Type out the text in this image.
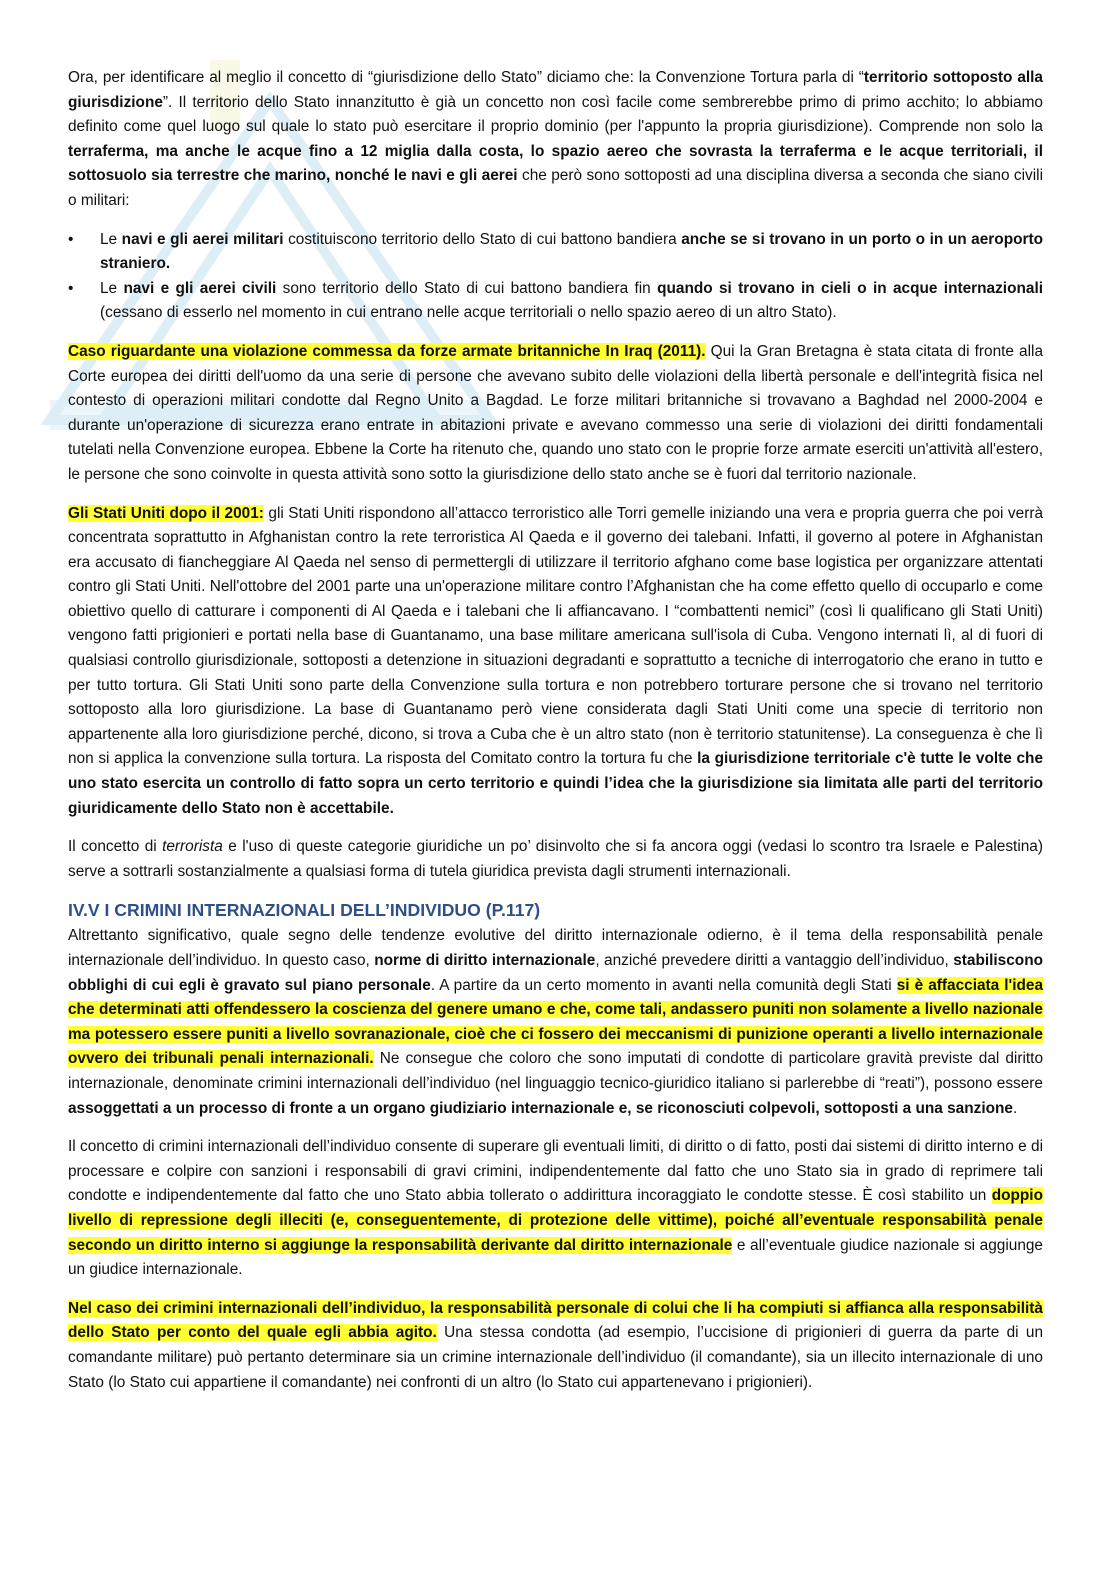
Ora, per identificare al meglio il concetto di “giurisdizione dello Stato” diciamo che: la Convenzione Tortura parla di “territorio sottoposto alla giurisdizione”. Il territorio dello Stato innanzitutto è già un concetto non così facile come sembrerebbe primo di primo acchito; lo abbiamo definito come quel luogo sul quale lo stato può esercitare il proprio dominio (per l'appunto la propria giurisdizione). Comprende non solo la terraferma, ma anche le acque fino a 12 miglia dalla costa, lo spazio aereo che sovrasta la terraferma e le acque territoriali, il sottosuolo sia terrestre che marino, nonché le navi e gli aerei che però sono sottoposti ad una disciplina diversa a seconda che siano civili o militari:

• Le navi e gli aerei militari costituiscono territorio dello Stato di cui battono bandiera anche se si trovano in un porto o in un aeroporto straniero.
• Le navi e gli aerei civili sono territorio dello Stato di cui battono bandiera fin quando si trovano in cieli o in acque internazionali (cessano di esserlo nel momento in cui entrano nelle acque territoriali o nello spazio aereo di un altro Stato).

Caso riguardante una violazione commessa da forze armate britanniche In Iraq (2011). Qui la Gran Bretagna è stata citata di fronte alla Corte europea dei diritti dell'uomo da una serie di persone che avevano subito delle violazioni della libertà personale e dell'integrità fisica nel contesto di operazioni militari condotte dal Regno Unito a Bagdad. Le forze militari britanniche si trovavano a Baghdad nel 2000-2004 e durante un'operazione di sicurezza erano entrate in abitazioni private e avevano commesso una serie di violazioni dei diritti fondamentali tutelati nella Convenzione europea. Ebbene la Corte ha ritenuto che, quando uno stato con le proprie forze armate eserciti un'attività all'estero, le persone che sono coinvolte in questa attività sono sotto la giurisdizione dello stato anche se è fuori dal territorio nazionale.

Gli Stati Uniti dopo il 2001: gli Stati Uniti rispondono all’attacco terroristico alle Torri gemelle iniziando una vera e propria guerra che poi verrà concentrata soprattutto in Afghanistan contro la rete terroristica Al Qaeda e il governo dei talebani. Infatti, il governo al potere in Afghanistan era accusato di fiancheggiare Al Qaeda nel senso di permettergli di utilizzare il territorio afghano come base logistica per organizzare attentati contro gli Stati Uniti. Nell'ottobre del 2001 parte una un'operazione militare contro l’Afghanistan che ha come effetto quello di occuparlo e come obiettivo quello di catturare i componenti di Al Qaeda e i talebani che li affiancavano. I “combattenti nemici” (così li qualificano gli Stati Uniti) vengono fatti prigionieri e portati nella base di Guantanamo, una base militare americana sull'isola di Cuba. Vengono internati lì, al di fuori di qualsiasi controllo giurisdizionale, sottoposti a detenzione in situazioni degradanti e soprattutto a tecniche di interrogatorio che erano in tutto e per tutto tortura. Gli Stati Uniti sono parte della Convenzione sulla tortura e non potrebbero torturare persone che si trovano nel territorio sottoposto alla loro giurisdizione. La base di Guantanamo però viene considerata dagli Stati Uniti come una specie di territorio non appartenente alla loro giurisdizione perché, dicono, si trova a Cuba che è un altro stato (non è territorio statunitense). La conseguenza è che lì non si applica la convenzione sulla tortura. La risposta del Comitato contro la tortura fu che la giurisdizione territoriale c'è tutte le volte che uno stato esercita un controllo di fatto sopra un certo territorio e quindi l’idea che la giurisdizione sia limitata alle parti del territorio giuridicamente dello Stato non è accettabile.

Il concetto di terrorista e l'uso di queste categorie giuridiche un po’ disinvolto che si fa ancora oggi (vedasi lo scontro tra Israele e Palestina) serve a sottrarli sostanzialmente a qualsiasi forma di tutela giuridica prevista dagli strumenti internazionali.

IV.V I CRIMINI INTERNAZIONALI DELL’INDIVIDUO (P.117)

Altrettanto significativo, quale segno delle tendenze evolutive del diritto internazionale odierno, è il tema della responsabilità penale internazionale dell’individuo. In questo caso, norme di diritto internazionale, anziché prevedere diritti a vantaggio dell’individuo, stabiliscono obblighi di cui egli è gravato sul piano personale. A partire da un certo momento in avanti nella comunità degli Stati si è affacciata l'idea che determinati atti offendessero la coscienza del genere umano e che, come tali, andassero puniti non solamente a livello nazionale ma potessero essere puniti a livello sovranazionale, cioè che ci fossero dei meccanismi di punizione operanti a livello internazionale ovvero dei tribunali penali internazionali. Ne consegue che coloro che sono imputati di condotte di particolare gravità previste dal diritto internazionale, denominate crimini internazionali dell’individuo (nel linguaggio tecnico-giuridico italiano si parlerebbe di “reati”), possono essere assoggettati a un processo di fronte a un organo giudiziario internazionale e, se riconosciuti colpevoli, sottoposti a una sanzione.

Il concetto di crimini internazionali dell’individuo consente di superare gli eventuali limiti, di diritto o di fatto, posti dai sistemi di diritto interno e di processare e colpire con sanzioni i responsabili di gravi crimini, indipendentemente dal fatto che uno Stato sia in grado di reprimere tali condotte e indipendentemente dal fatto che uno Stato abbia tollerato o addirittura incoraggiato le condotte stesse. È così stabilito un doppio livello di repressione degli illeciti (e, conseguentemente, di protezione delle vittime), poiché all’eventuale responsabilità penale secondo un diritto interno si aggiunge la responsabilità derivante dal diritto internazionale e all’eventuale giudice nazionale si aggiunge un giudice internazionale.

Nel caso dei crimini internazionali dell’individuo, la responsabilità personale di colui che li ha compiuti si affianca alla responsabilità dello Stato per conto del quale egli abbia agito. Una stessa condotta (ad esempio, l’uccisione di prigionieri di guerra da parte di un comandante militare) può pertanto determinare sia un crimine internazionale dell’individuo (il comandante), sia un illecito internazionale di uno Stato (lo Stato cui appartiene il comandante) nei confronti di un altro (lo Stato cui appartenevano i prigionieri).
